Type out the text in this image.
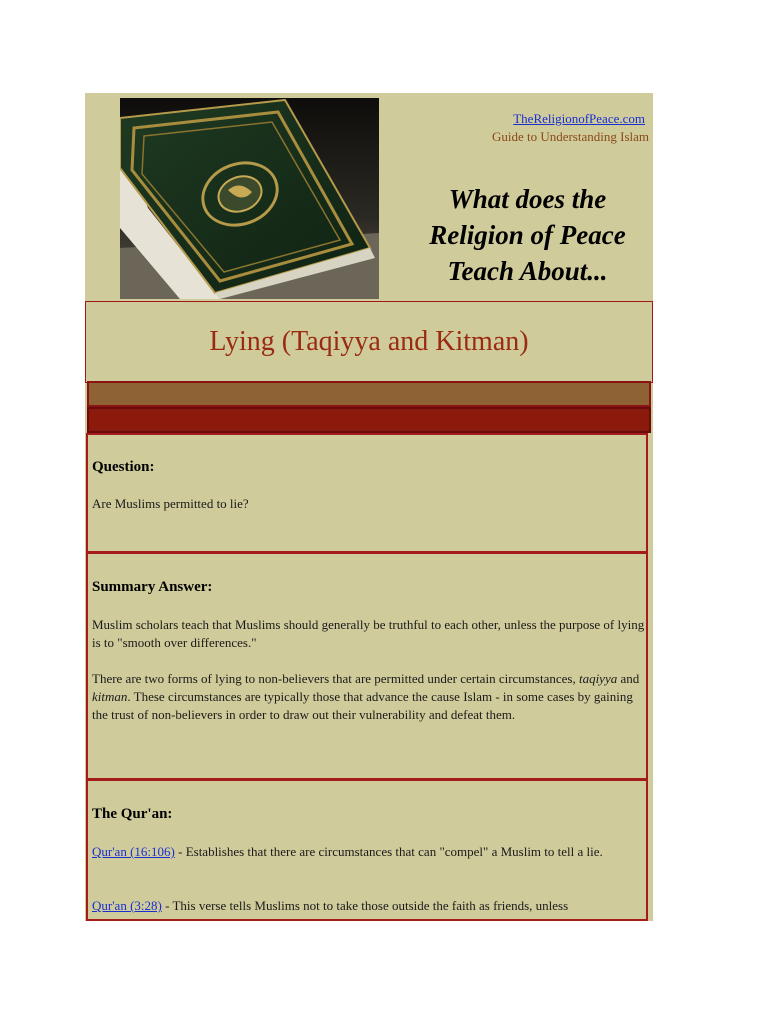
TheReligionofPeace.com
Guide to Understanding Islam
What does the
Religion of Peace
Teach About...
Lying (Taqiyya and Kitman)
Question:
Are Muslims permitted to lie?
Summary Answer:
Muslim scholars teach that Muslims should generally be truthful to each other, unless the purpose of lying is to "smooth over differences."
There are two forms of lying to non-believers that are permitted under certain circumstances, taqiyya and kitman. These circumstances are typically those that advance the cause Islam - in some cases by gaining the trust of non-believers in order to draw out their vulnerability and defeat them.
The Qur'an:
Qur'an (16:106) - Establishes that there are circumstances that can "compel" a Muslim to tell a lie.
Qur'an (3:28) - This verse tells Muslims not to take those outside the faith as friends, unless
